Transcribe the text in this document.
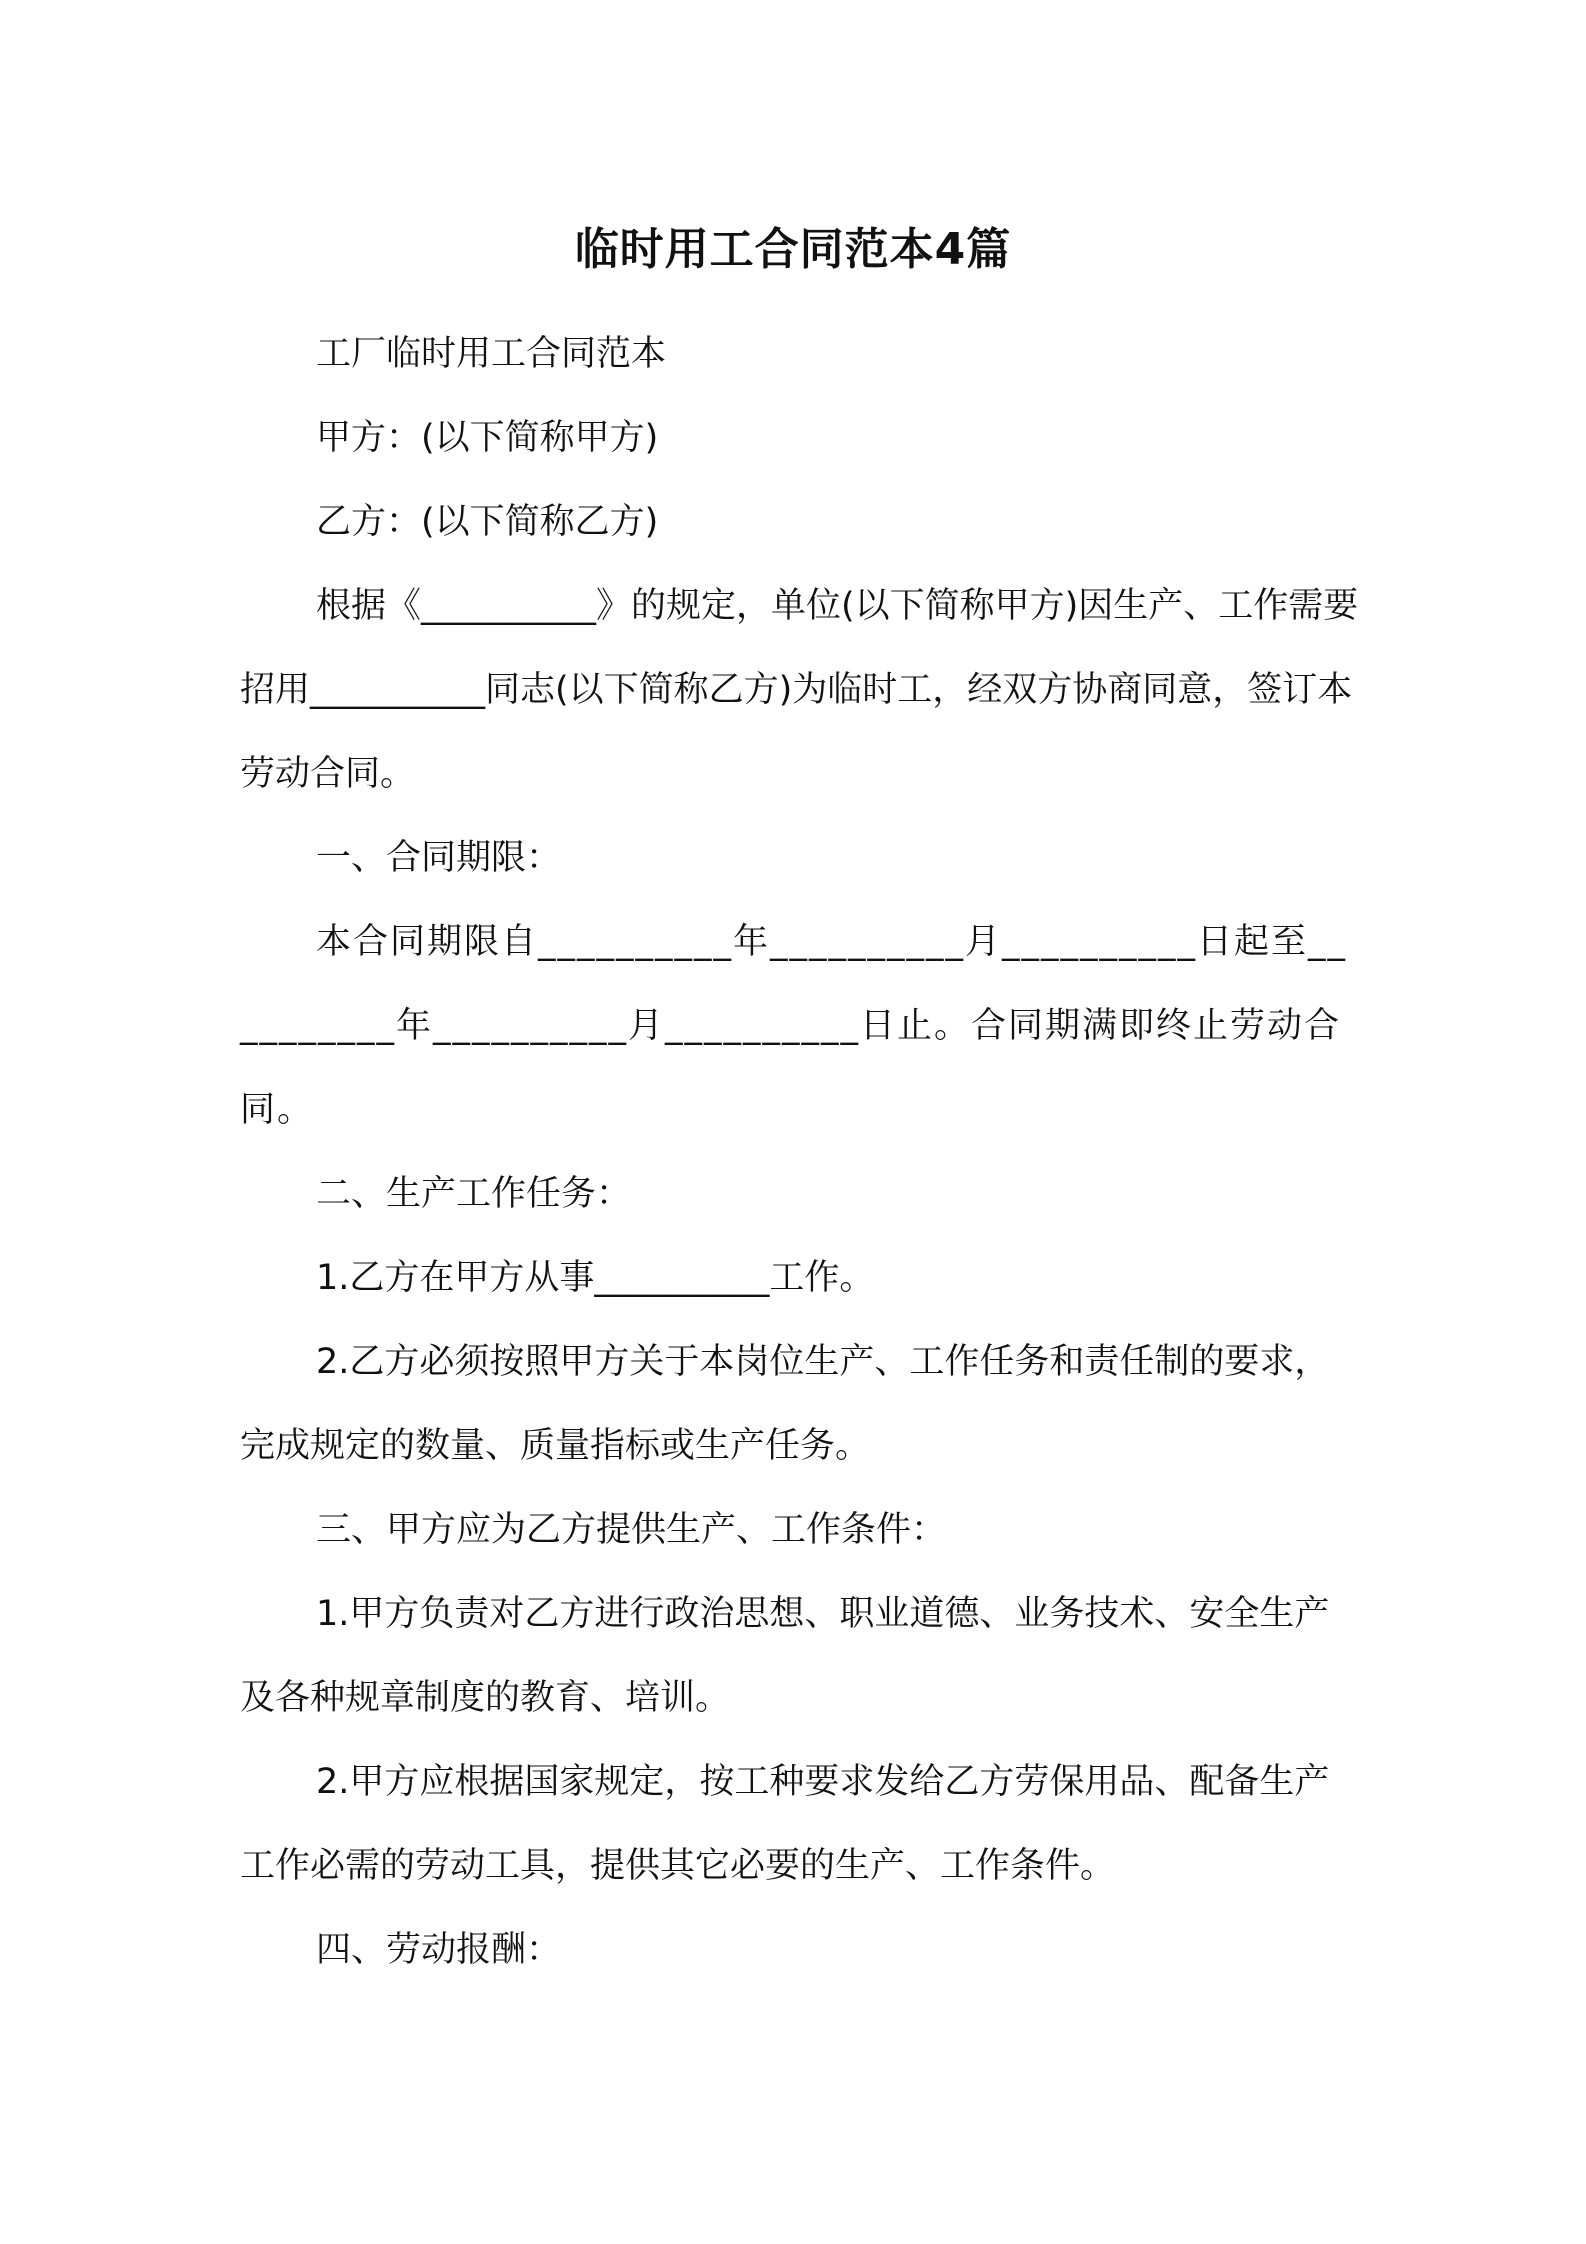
临时用工合同范本4篇

工厂临时用工合同范本

甲方：(以下简称甲方)

乙方：(以下简称乙方)

根据《__________》的规定，单位(以下简称甲方)因生产、工作需要招用__________同志(以下简称乙方)为临时工，经双方协商同意，签订本劳动合同。

一、合同期限：

本合同期限自__________年__________月__________日起至__________年__________月__________日止。合同期满即终止劳动合同。

二、生产工作任务：

1.乙方在甲方从事__________工作。

2.乙方必须按照甲方关于本岗位生产、工作任务和责任制的要求，完成规定的数量、质量指标或生产任务。

三、甲方应为乙方提供生产、工作条件：

1.甲方负责对乙方进行政治思想、职业道德、业务技术、安全生产及各种规章制度的教育、培训。

2.甲方应根据国家规定，按工种要求发给乙方劳保用品、配备生产工作必需的劳动工具，提供其它必要的生产、工作条件。

四、劳动报酬：
